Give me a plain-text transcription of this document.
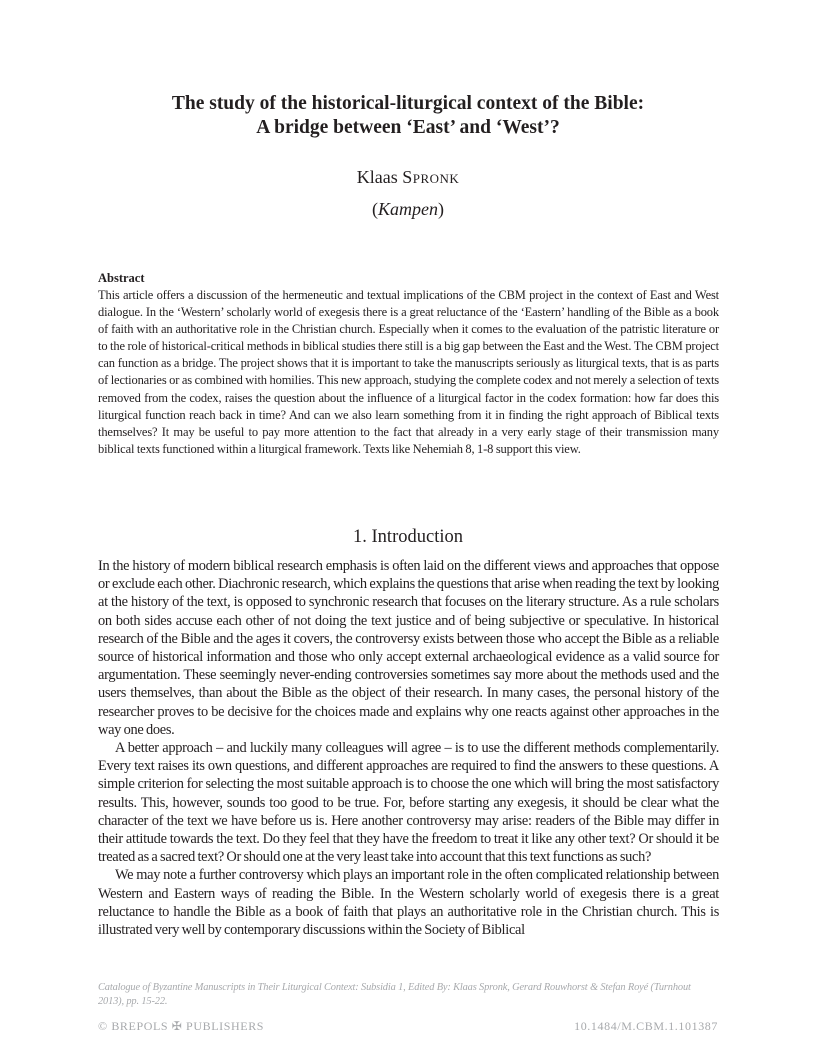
The study of the historical-liturgical context of the Bible:
A bridge between ‘East’ and ‘West’?
Klaas Spronk
(Kampen)
Abstract
This article offers a discussion of the hermeneutic and textual implications of the CBM project in the context of East and West dialogue. In the ‘Western’ scholarly world of exegesis there is a great reluctance of the ‘Eastern’ handling of the Bible as a book of faith with an authoritative role in the Christian church. Especially when it comes to the evaluation of the patristic literature or to the role of historical-critical methods in biblical studies there still is a big gap between the East and the West. The CBM project can function as a bridge. The project shows that it is important to take the manuscripts seriously as liturgical texts, that is as parts of lectionaries or as combined with homilies. This new approach, studying the complete codex and not merely a selection of texts removed from the codex, raises the question about the influence of a liturgical factor in the codex formation: how far does this liturgical function reach back in time? And can we also learn something from it in finding the right approach of Biblical texts themselves? It may be useful to pay more attention to the fact that already in a very early stage of their transmission many biblical texts functioned within a liturgical framework. Texts like Nehemiah 8, 1-8 support this view.
1. Introduction

In the history of modern biblical research emphasis is often laid on the different views and approaches that oppose or exclude each other. Diachronic research, which explains the questions that arise when reading the text by looking at the history of the text, is opposed to synchronic research that focuses on the literary structure. As a rule scholars on both sides accuse each other of not doing the text justice and of being subjective or speculative. In historical research of the Bible and the ages it covers, the controversy exists between those who accept the Bible as a reliable source of historical information and those who only accept external archaeological evidence as a valid source for argumentation. These seemingly never-ending controversies sometimes say more about the methods used and the users themselves, than about the Bible as the object of their research. In many cases, the personal history of the researcher proves to be decisive for the choices made and explains why one reacts against other approaches in the way one does.

A better approach – and luckily many colleagues will agree – is to use the different methods complementarily. Every text raises its own questions, and different approaches are required to find the answers to these questions. A simple criterion for selecting the most suitable approach is to choose the one which will bring the most satisfactory results. This, however, sounds too good to be true. For, before starting any exegesis, it should be clear what the character of the text we have before us is. Here another controversy may arise: readers of the Bible may differ in their attitude towards the text. Do they feel that they have the freedom to treat it like any other text? Or should it be treated as a sacred text? Or should one at the very least take into account that this text functions as such?

We may note a further controversy which plays an important role in the often complicated relationship between Western and Eastern ways of reading the Bible. In the Western scholarly world of exegesis there is a great reluctance to handle the Bible as a book of faith that plays an authoritative role in the Christian church. This is illustrated very well by contemporary discussions within the Society of Biblical

Catalogue of Byzantine Manuscripts in Their Liturgical Context: Subsidia 1, Edited By: Klaas Spronk, Gerard Rouwhorst & Stefan Royé (Turnhout 2013), pp. 15-22.
© BREPOLS ✠ PUBLISHERS	10.1484/M.CBM.1.101387
